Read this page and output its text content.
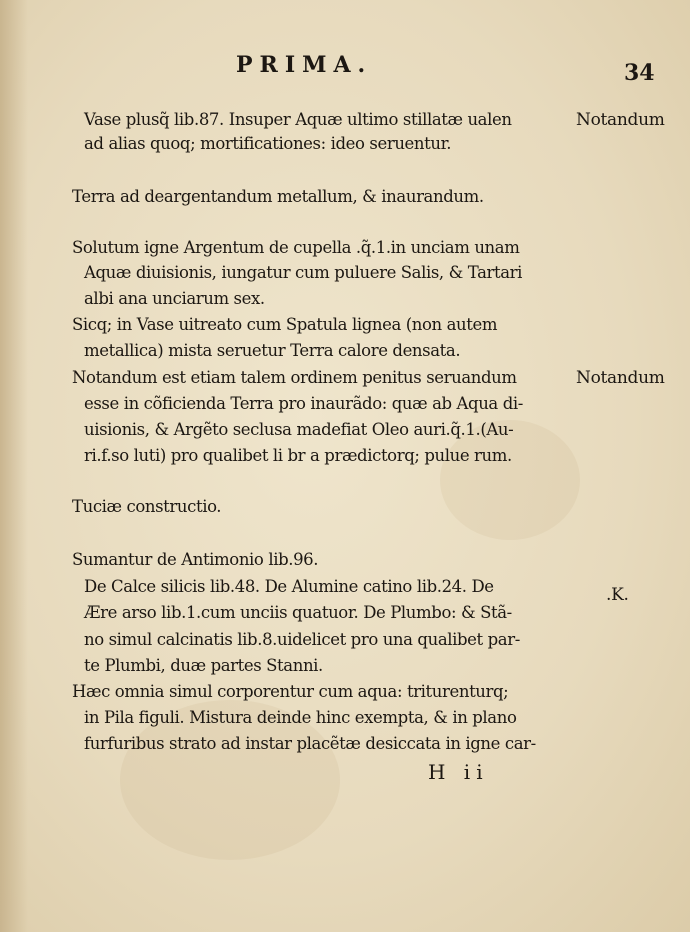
PRIMA.	34
Notandum
Notandum
.K.
Vase plusq̃ lib.87. Insuper Aquæ ultimo stillatæ ualen
ad alias quoq; mortificationes: ideo seruentur.
Terra ad deargentandum metallum, & inaurandum.
Solutum igne Argentum de cupella .q̃.1.in unciam unam
Aquæ diuisionis, iungatur cum puluere Salis, & Tartari
albi ana unciarum sex.
Sicq; in Vase uitreato cum Spatula lignea (non autem
metallica) mista seruetur Terra calore densata.
Notandum est etiam talem ordinem penitus seruandum
esse in cõficienda Terra pro inaurãdo: quæ ab Aqua di-
uisionis, & Argẽto seclusa madefiat Oleo auri.q̃.1.(Au-
ri.f.so luti) pro qualibet li br a prædictorq; pulue rum.
Tuciæ constructio.
Sumantur de Antimonio lib.96.
De Calce silicis lib.48. De Alumine catino lib.24. De
Ære arso lib.1.cum unciis quatuor. De Plumbo: & Stã-
no simul calcinatis lib.8.uidelicet pro una qualibet par-
te Plumbi, duæ partes Stanni.
Hæc omnia simul corporentur cum aqua: triturenturq;
in Pila figuli. Mistura deinde hinc exempta, & in plano
furfuribus strato ad instar placẽtæ desiccata in igne car-
H ii
